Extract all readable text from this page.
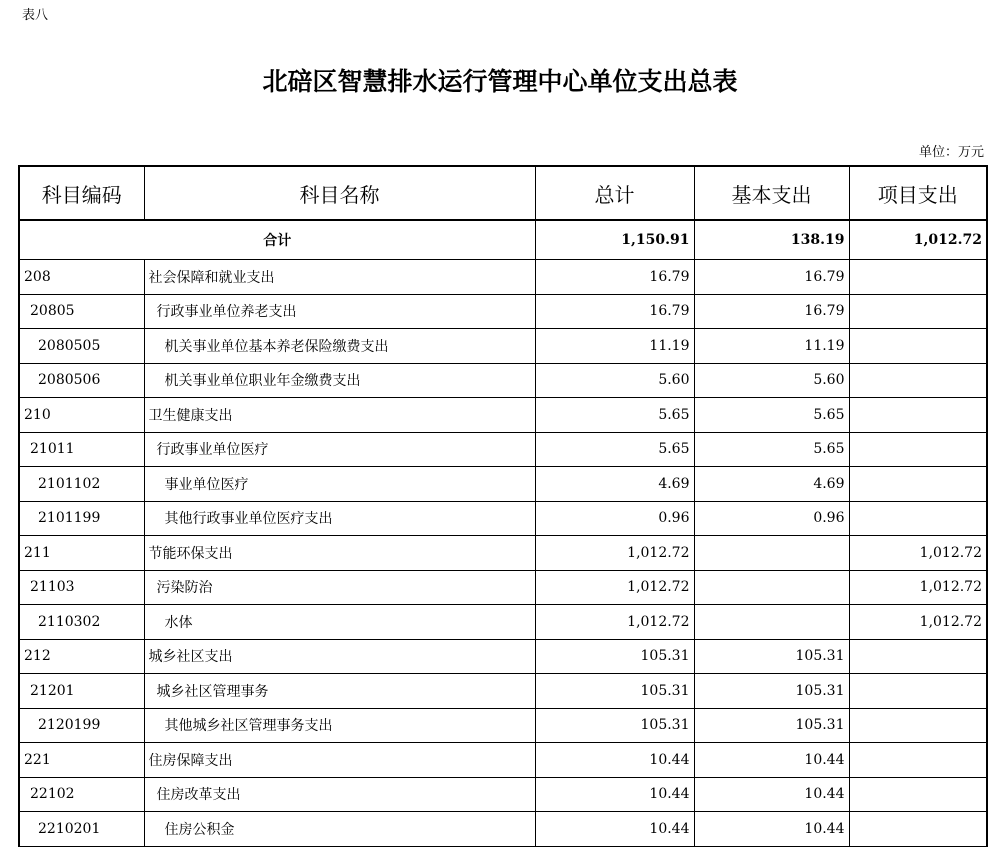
表八
北碚区智慧排水运行管理中心单位支出总表
单位：万元
科目编码	科目名称	总计	基本支出	项目支出
合计		1,150.91	138.19	1,012.72
208	社会保障和就业支出	16.79	16.79	
20805	行政事业单位养老支出	16.79	16.79	
2080505	机关事业单位基本养老保险缴费支出	11.19	11.19	
2080506	机关事业单位职业年金缴费支出	5.60	5.60	
210	卫生健康支出	5.65	5.65	
21011	行政事业单位医疗	5.65	5.65	
2101102	事业单位医疗	4.69	4.69	
2101199	其他行政事业单位医疗支出	0.96	0.96	
211	节能环保支出	1,012.72		1,012.72
21103	污染防治	1,012.72		1,012.72
2110302	水体	1,012.72		1,012.72
212	城乡社区支出	105.31	105.31	
21201	城乡社区管理事务	105.31	105.31	
2120199	其他城乡社区管理事务支出	105.31	105.31	
221	住房保障支出	10.44	10.44	
22102	住房改革支出	10.44	10.44	
2210201	住房公积金	10.44	10.44	
